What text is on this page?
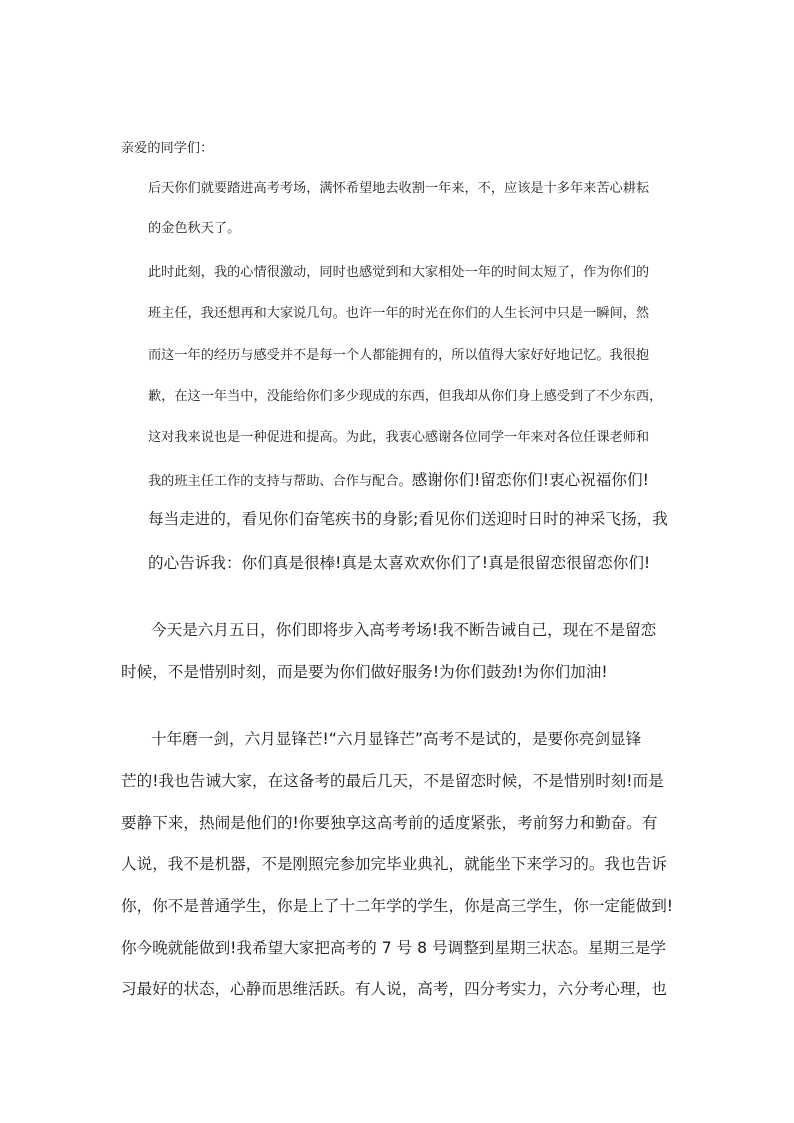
亲爱的同学们：
后天你们就要踏进高考考场，满怀希望地去收割一年来，不，应该是十多年来苦心耕耘
的金色秋天了。
此时此刻，我的心情很激动，同时也感觉到和大家相处一年的时间太短了，作为你们的
班主任，我还想再和大家说几句。也许一年的时光在你们的人生长河中只是一瞬间，然
而这一年的经历与感受并不是每一个人都能拥有的，所以值得大家好好地记忆。我很抱
歉，在这一年当中，没能给你们多少现成的东西，但我却从你们身上感受到了不少东西，
这对我来说也是一种促进和提高。为此，我衷心感谢各位同学一年来对各位任课老师和
我的班主任工作的支持与帮助、合作与配合。感谢你们!留恋你们!衷心祝福你们!
每当走进的，看见你们奋笔疾书的身影;看见你们送迎时日时的神采飞扬，我
的心告诉我：你们真是很棒!真是太喜欢欢你们了!真是很留恋很留恋你们!
今天是六月五日，你们即将步入高考考场!我不断告诫自己，现在不是留恋
时候，不是惜别时刻，而是要为你们做好服务!为你们鼓劲!为你们加油!
十年磨一剑，六月显锋芒!“六月显锋芒”高考不是试的，是要你亮剑显锋
芒的!我也告诫大家，在这备考的最后几天，不是留恋时候，不是惜别时刻!而是
要静下来，热闹是他们的!你要独享这高考前的适度紧张，考前努力和勤奋。有
人说，我不是机器，不是刚照完参加完毕业典礼，就能坐下来学习的。我也告诉
你，你不是普通学生，你是上了十二年学的学生，你是高三学生，你一定能做到!
你今晚就能做到!我希望大家把高考的 7 号 8 号调整到星期三状态。星期三是学
习最好的状态，心静而思维活跃。有人说，高考，四分考实力，六分考心理，也
